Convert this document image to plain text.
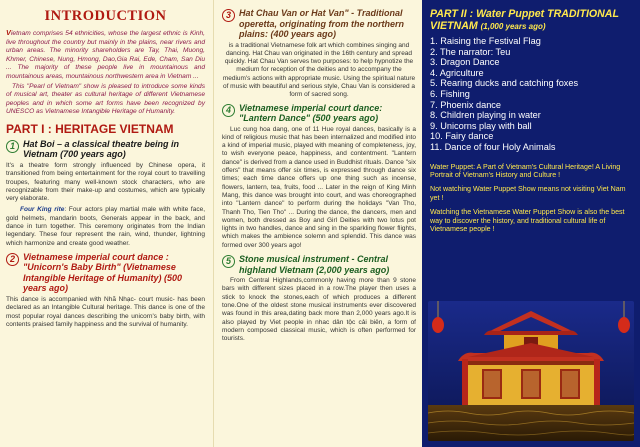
INTRODUCTION

Vietnam comprises 54 ethnicities, whose the largest ethnic is Kinh, live throughout the country but mainly in the plains, near rivers and urban areas. The minority shareholders are Tay, Thai, Muong, Khmer, Chinese, Nung, Hmong, Dao,Gia Rai, Ede, Cham, San Diu ... The majority of these people live in mountainous and mountainous areas, mountainous northwestern area in Vietnam ...

This "Pearl of Vietnam" show is pleased to introduce some kinds of musical art, theater as cultural heritage of different Vietnamese peoples and in which some art forms have been recognized by UNESCO as Vietnamese Intangible Heritage of Humanity.

PART I : HERITAGE VIETNAM
1 Hat Boi – a classical theatre being in Vietnam (700 years ago)

It's a theatre form strongly influenced by Chinese opera, it transitioned from being entertainment for the royal court to travelling troupes, featuring many well-known stock characters, who are recognizable from their make-up and costumes, which are typically very elaborate.

Four King rite: Four actors play martial male with white face, gold helmets, mandarin boots, Generals appear in the back, and dance in turn together. This ceremony originates from the Indian legendary. These four represent the rain, wind, thunder, lightning which harmonize and create good weather.

2 Vietnamese imperial court dance : "Unicorn's Baby Birth" (Vietnamese Intangible Heritage of Humanity) (500 years ago)

This dance is accompanied with Nhã Nhạc- court music- has been declared as an Intangible Cultural heritage. This dance is one of the most popular royal dances describing the unicorn's baby birth, with contents praised family happiness and the survival of humanity.

3 Hat Chau Van or Hat Van" - Traditional operetta, originating from the northern plains: (400 years ago)

is a traditional Vietnamese folk art which combines singing and dancing. Hat Chau van originated in the 16th century and spread quickly. Hat Chau Van serves two purposes: to help hypnotize the medium for reception of the deities and to accompany the medium's actions with appropriate music. Using the spiritual nature of music with beautiful and serious style, Chau Van is considered a form of sacred song.

4 Vietnamese imperial court dance: "Lantern Dance" (500 years ago)

Luc cung hoa dang, one of 11 Hue royal dances, basically is a kind of religious music that has been internalized and modified into a kind of imperial music, played with meaning of completeness, joy, to wish everyone peace, happiness, and contentment. "Lantern dance" is derived from a dance used in Buddhist rituals. Dance "six offers" that means offer six times, is expressed through dance six times; each time dance offers up one thing such as incense, flowers, lantern, tea, fruits, food ... Later in the reign of King Minh Mang, this dance was brought into court, and was choreographed into "Lantern dance" to perform during the holidays "Van Tho, Thanh Tho, Tien Tho" ... During the dance, the dancers, men and women, both dressed as Boy and Girl Deities with two lotus pot lights in two handles, dance and sing in the sparkling flower flights, which makes the ambience solemn and splendid. This dance was formed over 300 years ago!

5 Stone musical instrument - Central highland Vietnam (2,000 years ago)

From Central Highlands,commonly having more than 9 stone bars with different sizes placed in a row.The player then uses a stick to knock the stones,each of which produces a different tone.One of the oldest stone musical instruments ever discovered was found in this area,dating back more than 2,000 years ago.It is also played by Viet people in nhac dân tộc cải biên, a form of modern composed classical music, which is often performed for tourists.

PART II : Water Puppet TRADITIONAL VIETNAM (1,000 years ago)
1. Raising the Festival Flag
2. The narrator: Teu
3. Dragon Dance
4. Agriculture
5. Rearing ducks and catching foxes
6. Fishing
7. Phoenix dance
8. Children playing in water
9. Unicorns play with ball
10. Fairy dance
11. Dance of four Holy Animals

Water Puppet: A Part of Vietnam's Cultural Heritage! A Living Portrait of Vietnam's History and Culture !

Not watching Water Puppet Show means not visiting Viet Nam yet !

Watching the Vietnamese Water Puppet Show is also the best way to discover the history, and traditional cultural life of Vietnamese people !
